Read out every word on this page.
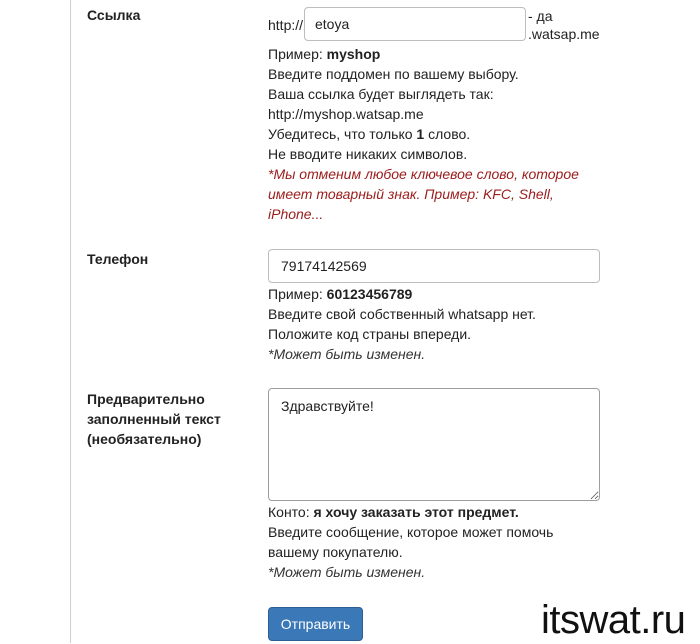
Ссылка
http://
etoya
- да
.watsap.me
Пример: myshop
Введите поддомен по вашему выбору.
Ваша ссылка будет выглядеть так:
http://myshop.watsap.me
Убедитесь, что только 1 слово.
Не вводите никаких символов.
*Мы отменим любое ключевое слово, которое
имеет товарный знак. Пример: KFC, Shell,
iPhone...
Телефон
79174142569
Пример: 60123456789
Введите свой собственный whatsapp нет.
Положите код страны впереди.
*Может быть изменен.
Предварительно
заполненный текст
(необязательно)
Здравствуйте!
Конто: я хочу заказать этот предмет.
Введите сообщение, которое может помочь
вашему покупателю.
*Может быть изменен.
Отправить	itswat.ru
